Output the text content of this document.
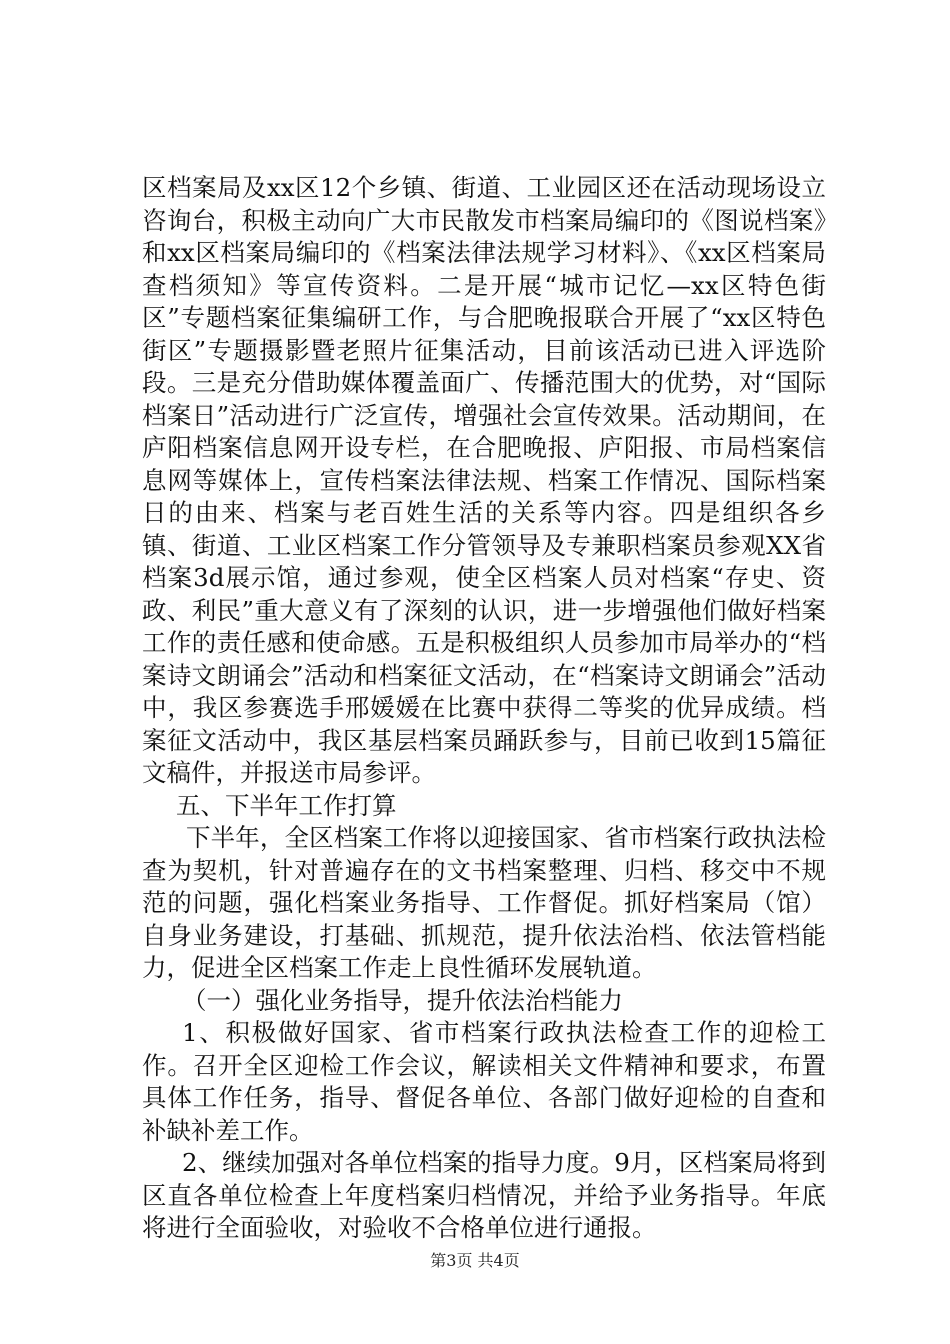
区档案局及xx区12个乡镇、街道、工业园区还在活动现场设立咨询台，积极主动向广大市民散发市档案局编印的《图说档案》和xx区档案局编印的《档案法律法规学习材料》、《xx区档案局查档须知》等宣传资料。二是开展“城市记忆—xx区特色街区”专题档案征集编研工作，与合肥晚报联合开展了“xx区特色街区”专题摄影暨老照片征集活动，目前该活动已进入评选阶段。三是充分借助媒体覆盖面广、传播范围大的优势，对“国际档案日”活动进行广泛宣传，增强社会宣传效果。活动期间，在庐阳档案信息网开设专栏，在合肥晚报、庐阳报、市局档案信息网等媒体上，宣传档案法律法规、档案工作情况、国际档案日的由来、档案与老百姓生活的关系等内容。四是组织各乡镇、街道、工业区档案工作分管领导及专兼职档案员参观XX省档案3d展示馆，通过参观，使全区档案人员对档案“存史、资政、利民”重大意义有了深刻的认识，进一步增强他们做好档案工作的责任感和使命感。五是积极组织人员参加市局举办的“档案诗文朗诵会”活动和档案征文活动，在“档案诗文朗诵会”活动中，我区参赛选手邢媛媛在比赛中获得二等奖的优异成绩。档案征文活动中，我区基层档案员踊跃参与，目前已收到15篇征文稿件，并报送市局参评。

五、下半年工作打算

下半年，全区档案工作将以迎接国家、省市档案行政执法检查为契机，针对普遍存在的文书档案整理、归档、移交中不规范的问题，强化档案业务指导、工作督促。抓好档案局（馆）自身业务建设，打基础、抓规范，提升依法治档、依法管档能力，促进全区档案工作走上良性循环发展轨道。

（一）强化业务指导，提升依法治档能力

1、积极做好国家、省市档案行政执法检查工作的迎检工作。召开全区迎检工作会议，解读相关文件精神和要求，布置具体工作任务，指导、督促各单位、各部门做好迎检的自查和补缺补差工作。

2、继续加强对各单位档案的指导力度。9月，区档案局将到区直各单位检查上年度档案归档情况，并给予业务指导。年底将进行全面验收，对验收不合格单位进行通报。

第3页 共4页
